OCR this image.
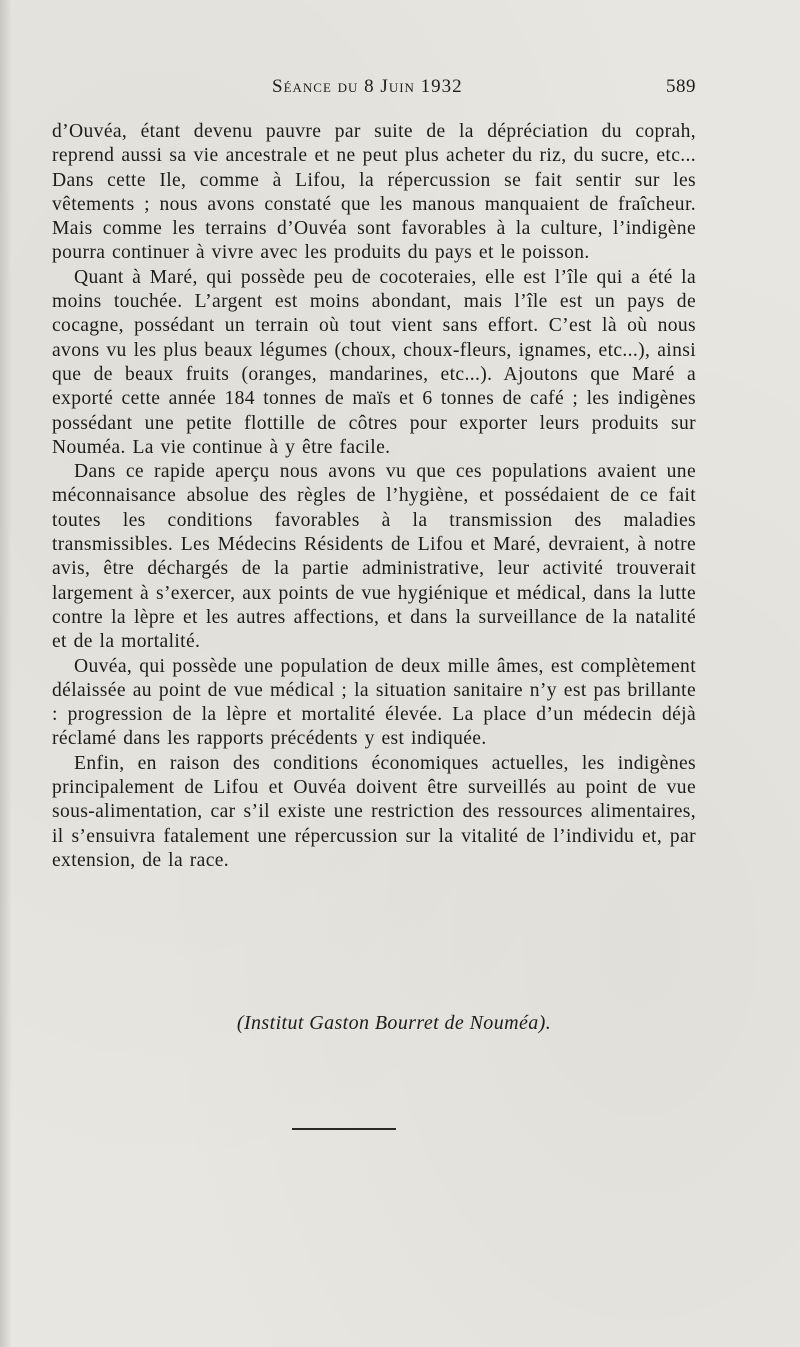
Séance du 8 Juin 1932	589

d’Ouvéa, étant devenu pauvre par suite de la dépréciation du coprah, reprend aussi sa vie ancestrale et ne peut plus acheter du riz, du sucre, etc... Dans cette Ile, comme à Lifou, la répercussion se fait sentir sur les vêtements ; nous avons constaté que les manous manquaient de fraîcheur. Mais comme les terrains d’Ouvéa sont favorables à la culture, l’indigène pourra continuer à vivre avec les produits du pays et le poisson.

Quant à Maré, qui possède peu de cocoteraies, elle est l’île qui a été la moins touchée. L’argent est moins abondant, mais l’île est un pays de cocagne, possédant un terrain où tout vient sans effort. C’est là où nous avons vu les plus beaux légumes (choux, choux-fleurs, ignames, etc...), ainsi que de beaux fruits (oranges, mandarines, etc...). Ajoutons que Maré a exporté cette année 184 tonnes de maïs et 6 tonnes de café ; les indigènes possédant une petite flottille de côtres pour exporter leurs produits sur Nouméa. La vie continue à y être facile.

Dans ce rapide aperçu nous avons vu que ces populations avaient une méconnaisance absolue des règles de l’hygiène, et possédaient de ce fait toutes les conditions favorables à la transmission des maladies transmissibles. Les Médecins Résidents de Lifou et Maré, devraient, à notre avis, être déchargés de la partie administrative, leur activité trouverait largement à s’exercer, aux points de vue hygiénique et médical, dans la lutte contre la lèpre et les autres affections, et dans la surveillance de la natalité et de la mortalité.

Ouvéa, qui possède une population de deux mille âmes, est complètement délaissée au point de vue médical ; la situation sanitaire n’y est pas brillante : progression de la lèpre et mortalité élevée. La place d’un médecin déjà réclamé dans les rapports précédents y est indiquée.

Enfin, en raison des conditions économiques actuelles, les indigènes principalement de Lifou et Ouvéa doivent être surveillés au point de vue sous-alimentation, car s’il existe une restriction des ressources alimentaires, il s’ensuivra fatalement une répercussion sur la vitalité de l’individu et, par extension, de la race.

(Institut Gaston Bourret de Nouméa).
